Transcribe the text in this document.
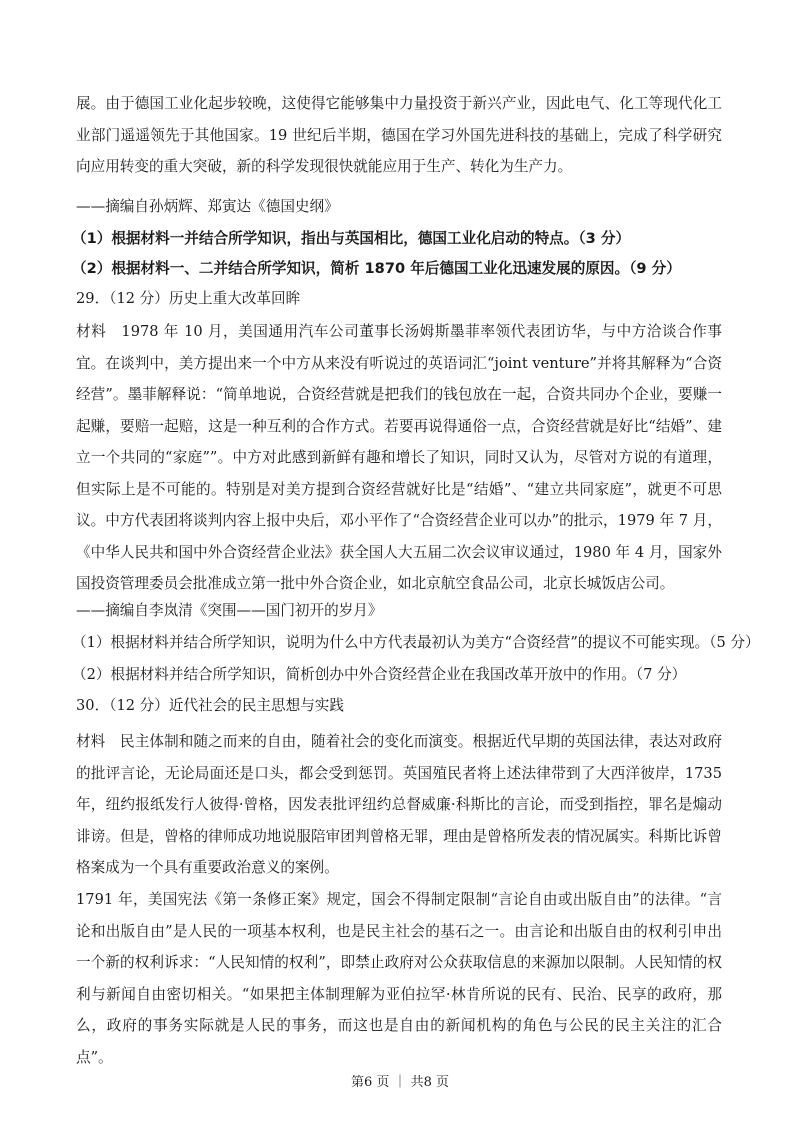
展。由于德国工业化起步较晚，这使得它能够集中力量投资于新兴产业，因此电气、化工等现代化工业部门遥遥领先于其他国家。19 世纪后半期，德国在学习外国先进科技的基础上，完成了科学研究向应用转变的重大突破，新的科学发现很快就能应用于生产、转化为生产力。

——摘编自孙炳辉、郑寅达《德国史纲》

（1）根据材料一并结合所学知识，指出与英国相比，德国工业化启动的特点。（3 分）

（2）根据材料一、二并结合所学知识，简析 1870 年后德国工业化迅速发展的原因。（9 分）

29．（12 分）历史上重大改革回眸

材料　1978 年 10 月，美国通用汽车公司董事长汤姆斯墨菲率领代表团访华，与中方洽谈合作事宜。在谈判中，美方提出来一个中方从来没有听说过的英语词汇“joint venture”并将其解释为“合资经营”。墨菲解释说：“简单地说，合资经营就是把我们的钱包放在一起，合资共同办个企业，要赚一起赚，要赔一起赔，这是一种互利的合作方式。若要再说得通俗一点，合资经营就是好比“结婚”、建立一个共同的“家庭””。中方对此感到新鲜有趣和增长了知识，同时又认为，尽管对方说的有道理，但实际上是不可能的。特别是对美方提到合资经营就好比是“结婚”、“建立共同家庭”，就更不可思议。中方代表团将谈判内容上报中央后，邓小平作了“合资经营企业可以办”的批示，1979 年 7 月，《中华人民共和国中外合资经营企业法》获全国人大五届二次会议审议通过，1980 年 4 月，国家外国投资管理委员会批准成立第一批中外合资企业，如北京航空食品公司，北京长城饭店公司。

——摘编自李岚清《突围——国门初开的岁月》

（1）根据材料并结合所学知识，说明为什么中方代表最初认为美方“合资经营”的提议不可能实现。（5 分）

（2）根据材料并结合所学知识，简析创办中外合资经营企业在我国改革开放中的作用。（7 分）

30．（12 分）近代社会的民主思想与实践

材料　民主体制和随之而来的自由，随着社会的变化而演变。根据近代早期的英国法律，表达对政府的批评言论，无论局面还是口头，都会受到惩罚。英国殖民者将上述法律带到了大西洋彼岸，1735 年，纽约报纸发行人彼得·曾格，因发表批评纽约总督威廉·科斯比的言论，而受到指控，罪名是煽动诽谤。但是，曾格的律师成功地说服陪审团判曾格无罪，理由是曾格所发表的情况属实。科斯比诉曾格案成为一个具有重要政治意义的案例。

1791 年，美国宪法《第一条修正案》规定，国会不得制定限制“言论自由或出版自由”的法律。“言论和出版自由”是人民的一项基本权利，也是民主社会的基石之一。由言论和出版自由的权利引申出一个新的权利诉求：“人民知情的权利”，即禁止政府对公众获取信息的来源加以限制。人民知情的权利与新闻自由密切相关。“如果把主体制理解为亚伯拉罕·林肯所说的民有、民治、民享的政府，那么，政府的事务实际就是人民的事务，而这也是自由的新闻机构的角色与公民的民主关注的汇合点”。

第6 页 ｜ 共8 页
